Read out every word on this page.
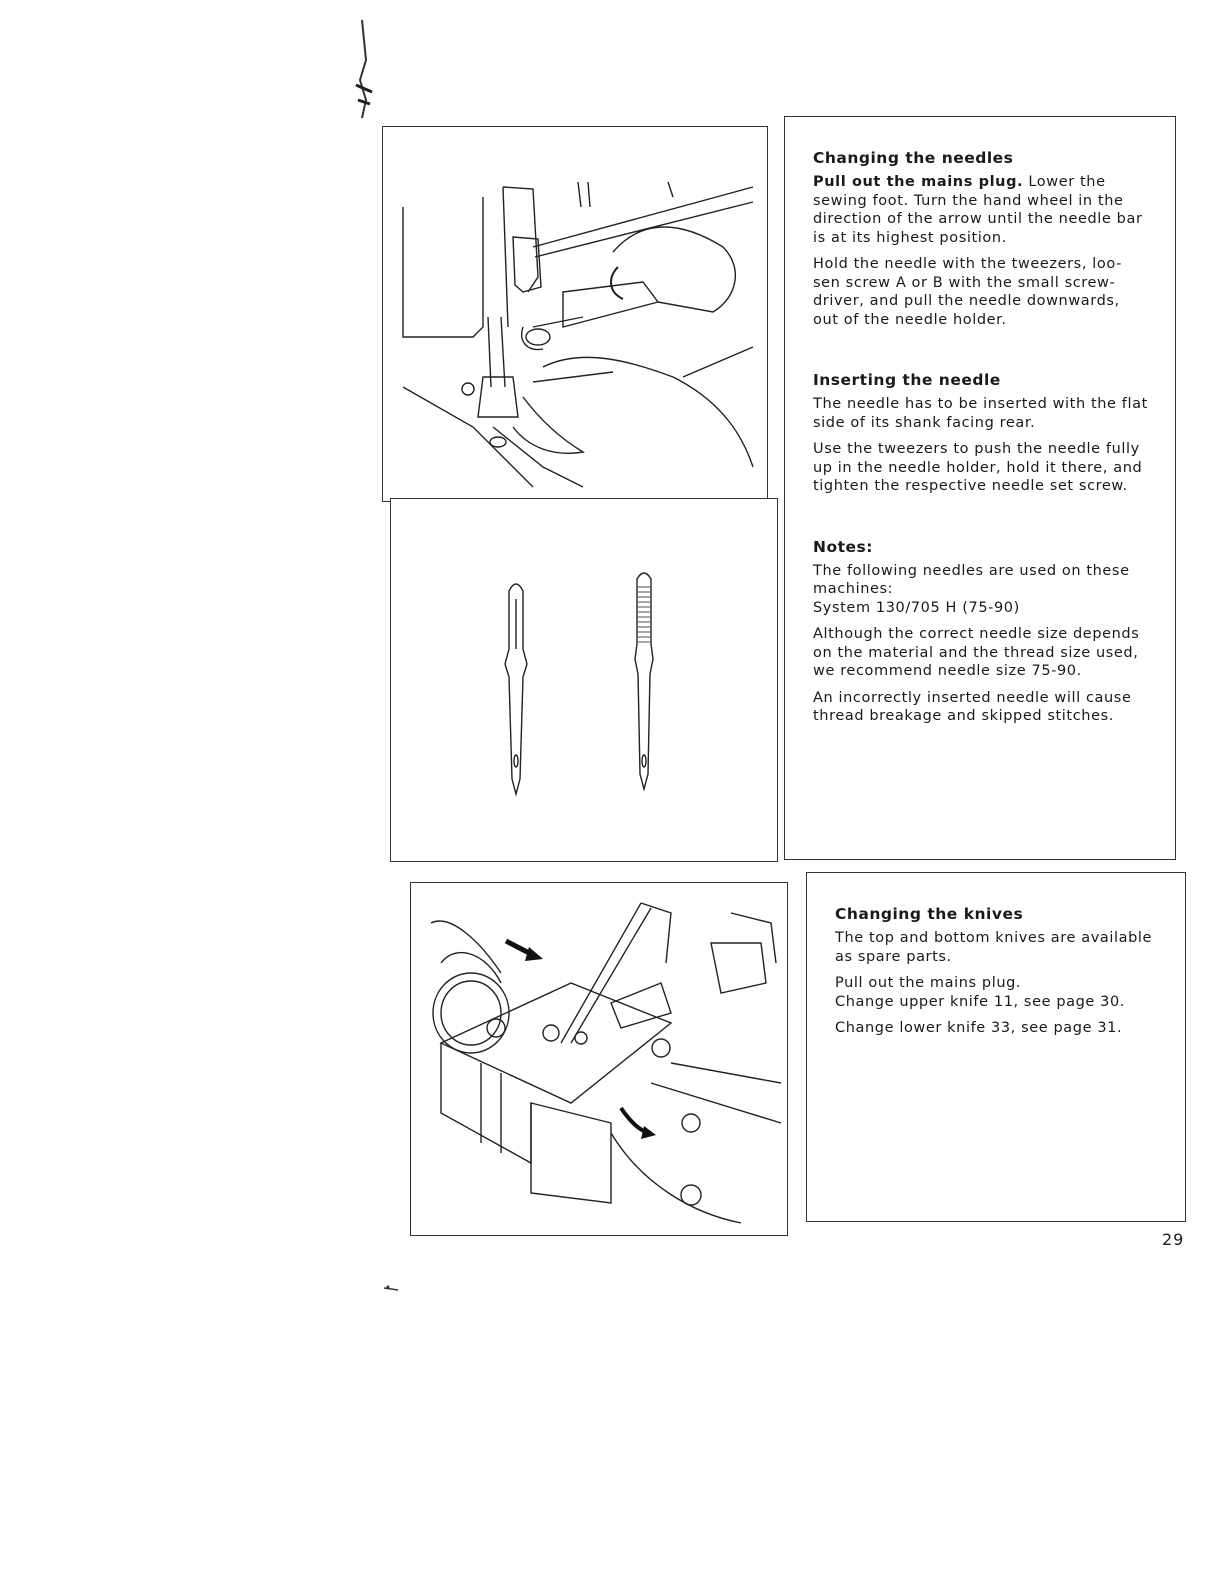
Changing the needles

Pull out the mains plug. Lower the sewing foot. Turn the hand wheel in the direction of the arrow until the needle bar is at its highest position.

Hold the needle with the tweezers, loo-sen screw A or B with the small screw-driver, and pull the needle downwards, out of the needle holder.

Inserting the needle

The needle has to be inserted with the flat side of its shank facing rear.

Use the tweezers to push the needle fully up in the needle holder, hold it there, and tighten the respective needle set screw.

Notes:

The following needles are used on these machines:
System 130/705 H (75-90)

Although the correct needle size depends on the material and the thread size used, we recommend needle size 75-90.

An incorrectly inserted needle will cause thread breakage and skipped stitches.

Changing the knives

The top and bottom knives are available as spare parts.

Pull out the mains plug.
Change upper knife 11, see page 30.

Change lower knife 33, see page 31.

29
